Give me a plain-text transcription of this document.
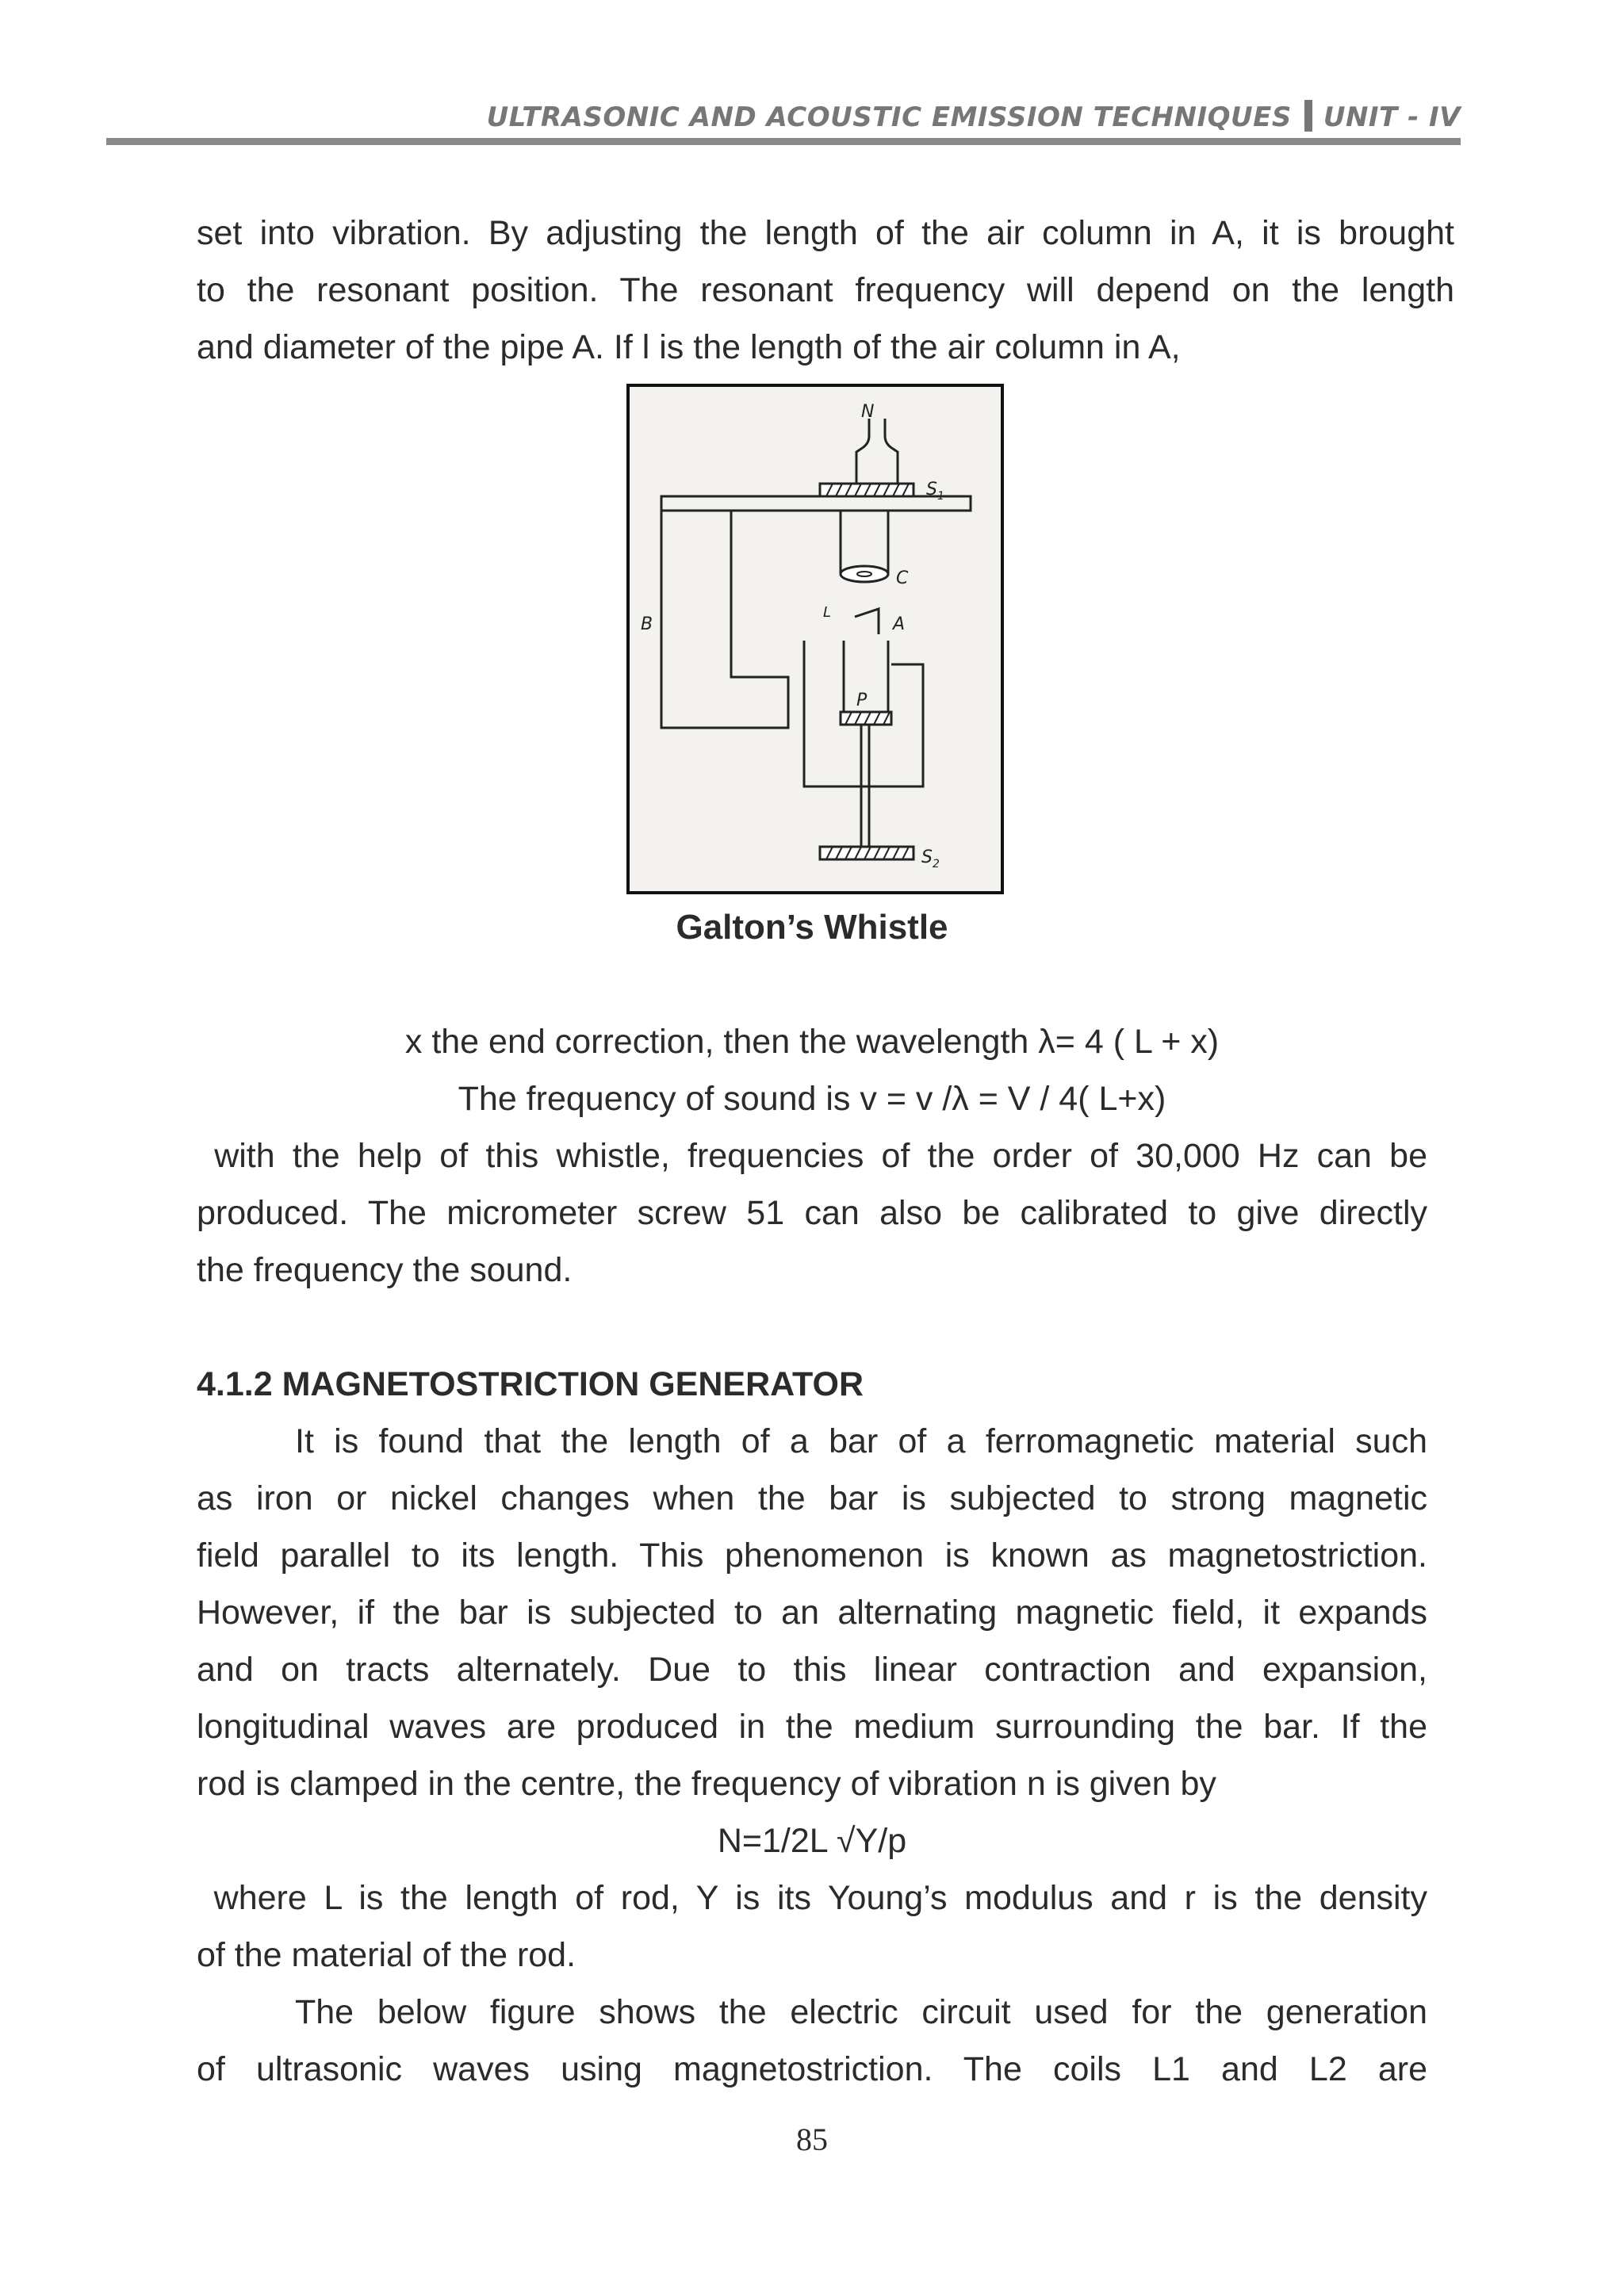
ULTRASONIC AND ACOUSTIC EMISSION TECHNIQUES UNIT - IV

set into vibration. By adjusting the length of the air column in A, it is brought

to the resonant position. The resonant frequency will depend on the length

and diameter of the pipe A. If l is the length of the air column in A,

N
$S_1$
C
L
A
B
P
$S_2$
Galton’s Whistle

x the end correction, then the wavelength λ= 4 ( L + x)

The frequency of sound is v = v /λ = V / 4( L+x)

with the help of this whistle, frequencies of the order of 30,000 Hz can be

produced. The micrometer screw 51 can also be calibrated to give directly

the frequency the sound.

4.1.2 MAGNETOSTRICTION GENERATOR

It is found that the length of a bar of a ferromagnetic material such

as iron or nickel changes when the bar is subjected to strong magnetic

field parallel to its length. This phenomenon is known as magnetostriction.

However, if the bar is subjected to an alternating magnetic field, it expands

and on tracts alternately. Due to this linear contraction and expansion,

longitudinal waves are produced in the medium surrounding the bar. If the

rod is clamped in the centre, the frequency of vibration n is given by

N=1/2L √Y/p

where L is the length of rod, Y is its Young’s modulus and r is the density

of the material of the rod.

The below figure shows the electric circuit used for the generation

of ultrasonic waves using magnetostriction. The coils L1 and L2 are

85
